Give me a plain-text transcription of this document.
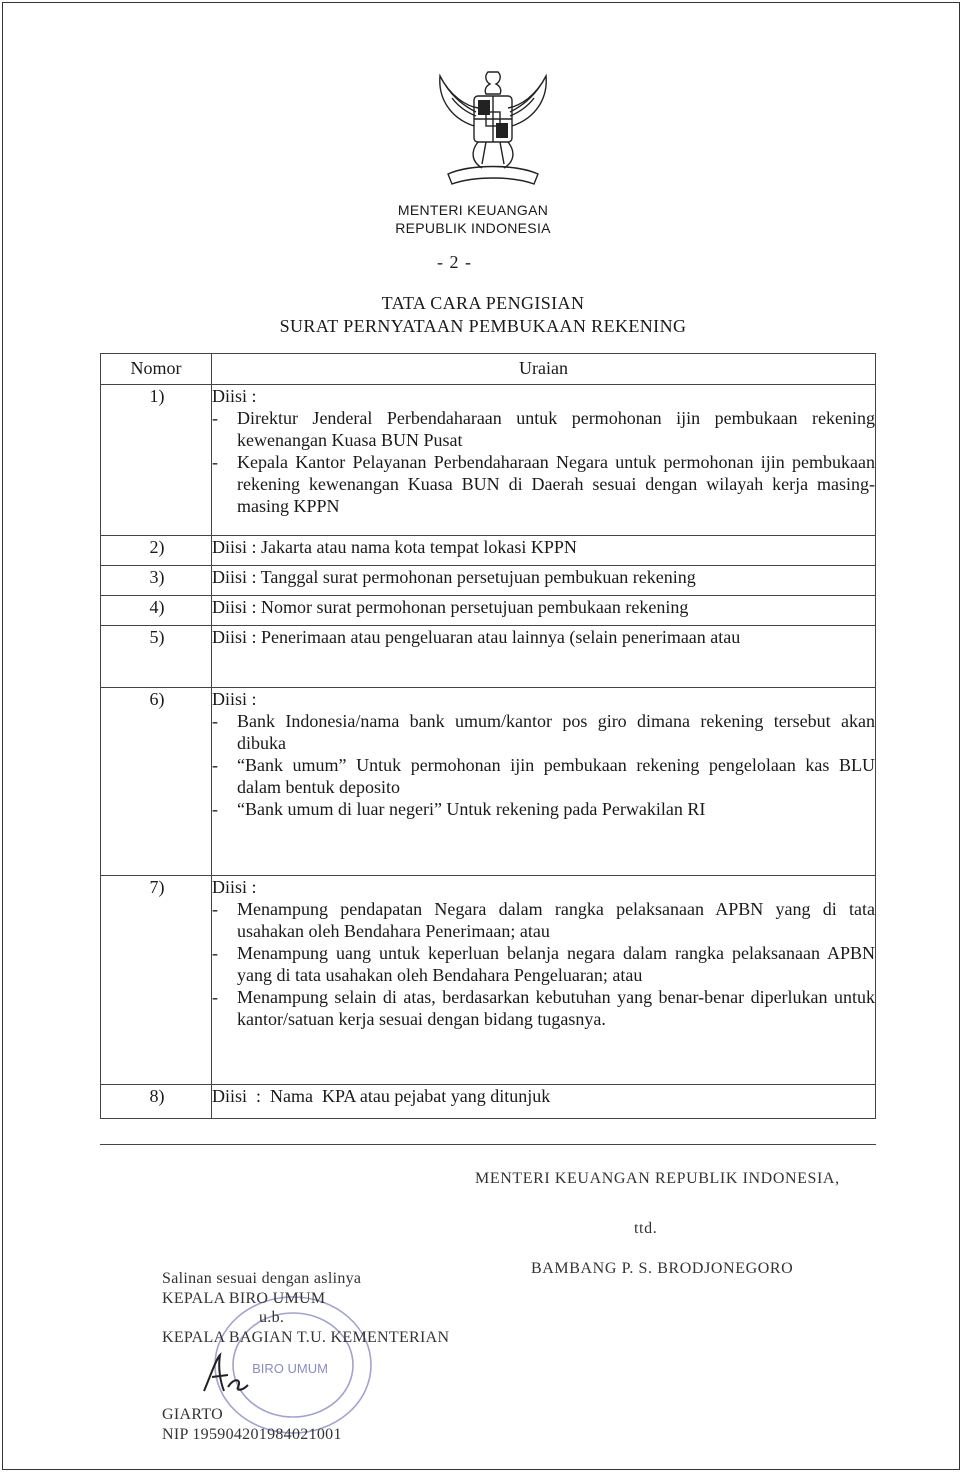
MENTERI KEUANGAN
REPUBLIK INDONESIA
- 2 -
TATA CARA PENGISIAN
SURAT PERNYATAAN PEMBUKAAN REKENING
Nomor	Uraian
1)	Diisi :
- Direktur Jenderal Perbendaharaan untuk permohonan ijin pembukaan rekening kewenangan Kuasa BUN Pusat
- Kepala Kantor Pelayanan Perbendaharaan Negara untuk permohonan ijin pembukaan rekening kewenangan Kuasa BUN di Daerah sesuai dengan wilayah kerja masing-masing KPPN

2)	Diisi : Jakarta atau nama kota tempat lokasi KPPN
3)	Diisi : Tanggal surat permohonan persetujuan pembukuan rekening
4)	Diisi : Nomor surat permohonan persetujuan pembukaan rekening
5)	Diisi : Penerimaan atau pengeluaran atau lainnya (selain penerimaan atau
6)	Diisi :
- Bank Indonesia/nama bank umum/kantor pos giro dimana rekening tersebut akan dibuka
- “Bank umum” Untuk permohonan ijin pembukaan rekening pengelolaan kas BLU dalam bentuk deposito
- “Bank umum di luar negeri” Untuk rekening pada Perwakilan RI

7)	Diisi :
- Menampung pendapatan Negara dalam rangka pelaksanaan APBN yang di tata usahakan oleh Bendahara Penerimaan; atau
- Menampung uang untuk keperluan belanja negara dalam rangka pelaksanaan APBN yang di tata usahakan oleh Bendahara Pengeluaran; atau
- Menampung selain di atas, berdasarkan kebutuhan yang benar-benar diperlukan untuk kantor/satuan kerja sesuai dengan bidang tugasnya.

8)	Diisi  :  Nama  KPA atau pejabat yang ditunjuk
MENTERI KEUANGAN REPUBLIK INDONESIA,
ttd.
BAMBANG P. S. BRODJONEGORO
BIRO UMUM
Salinan sesuai dengan aslinya
KEPALA BIRO UMUM
u.b.
KEPALA BAGIAN T.U. KEMENTERIAN
GIARTO
NIP 195904201984021001
